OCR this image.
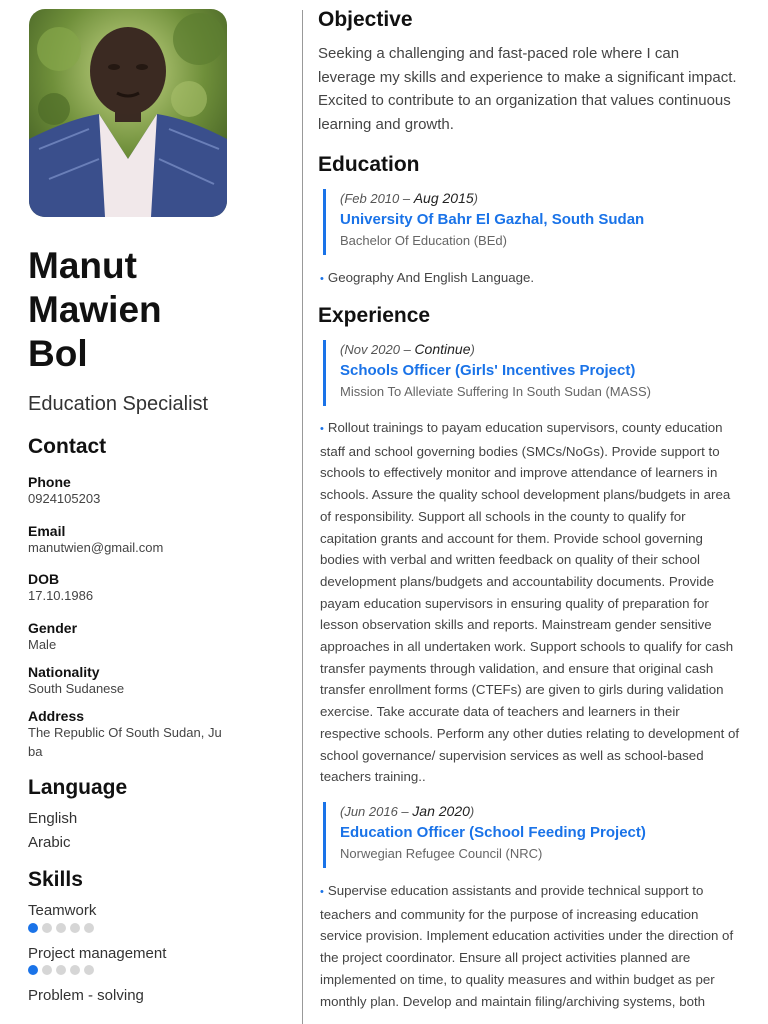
Manut
Mawien
Bol
Education Specialist
Contact
Phone
0924105203
Email
manutwien@gmail.com
DOB
17.10.1986
Gender
Male
Nationality
South Sudanese
Address
The Republic Of South Sudan, Ju ba
Language
English
Arabic
Skills
Teamwork
Project management
Problem - solving
Objective
Seeking a challenging and fast-paced role where I can leverage my skills and experience to make a significant impact. Excited to contribute to an organization that values continuous learning and growth.
Education
(Feb 2010 – Aug 2015)
University Of Bahr El Gazhal, South Sudan
Bachelor Of Education (BEd)
• Geography And English Language.
Experience
(Nov 2020 – Continue)
Schools Officer (Girls' Incentives Project)
Mission To Alleviate Suffering In South Sudan (MASS)
• Rollout trainings to payam education supervisors, county education staff and school governing bodies (SMCs/NoGs). Provide support to schools to effectively monitor and improve attendance of learners in schools. Assure the quality school development plans/budgets in area of responsibility. Support all schools in the county to qualify for capitation grants and account for them. Provide school governing bodies with verbal and written feedback on quality of their school development plans/budgets and accountability documents. Provide payam education supervisors in ensuring quality of preparation for lesson observation skills and reports. Mainstream gender sensitive approaches in all undertaken work. Support schools to qualify for cash transfer payments through validation, and ensure that original cash transfer enrollment forms (CTEFs) are given to girls during validation exercise. Take accurate data of teachers and learners in their respective schools. Perform any other duties relating to development of school governance/ supervision services as well as school-based teachers training..
(Jun 2016 – Jan 2020)
Education Officer (School Feeding Project)
Norwegian Refugee Council (NRC)
• Supervise education assistants and provide technical support to teachers and community for the purpose of increasing education service provision. Implement education activities under the direction of the project coordinator. Ensure all project activities planned are implemented on time, to quality measures and within budget as per monthly plan. Develop and maintain filing/archiving systems, both
